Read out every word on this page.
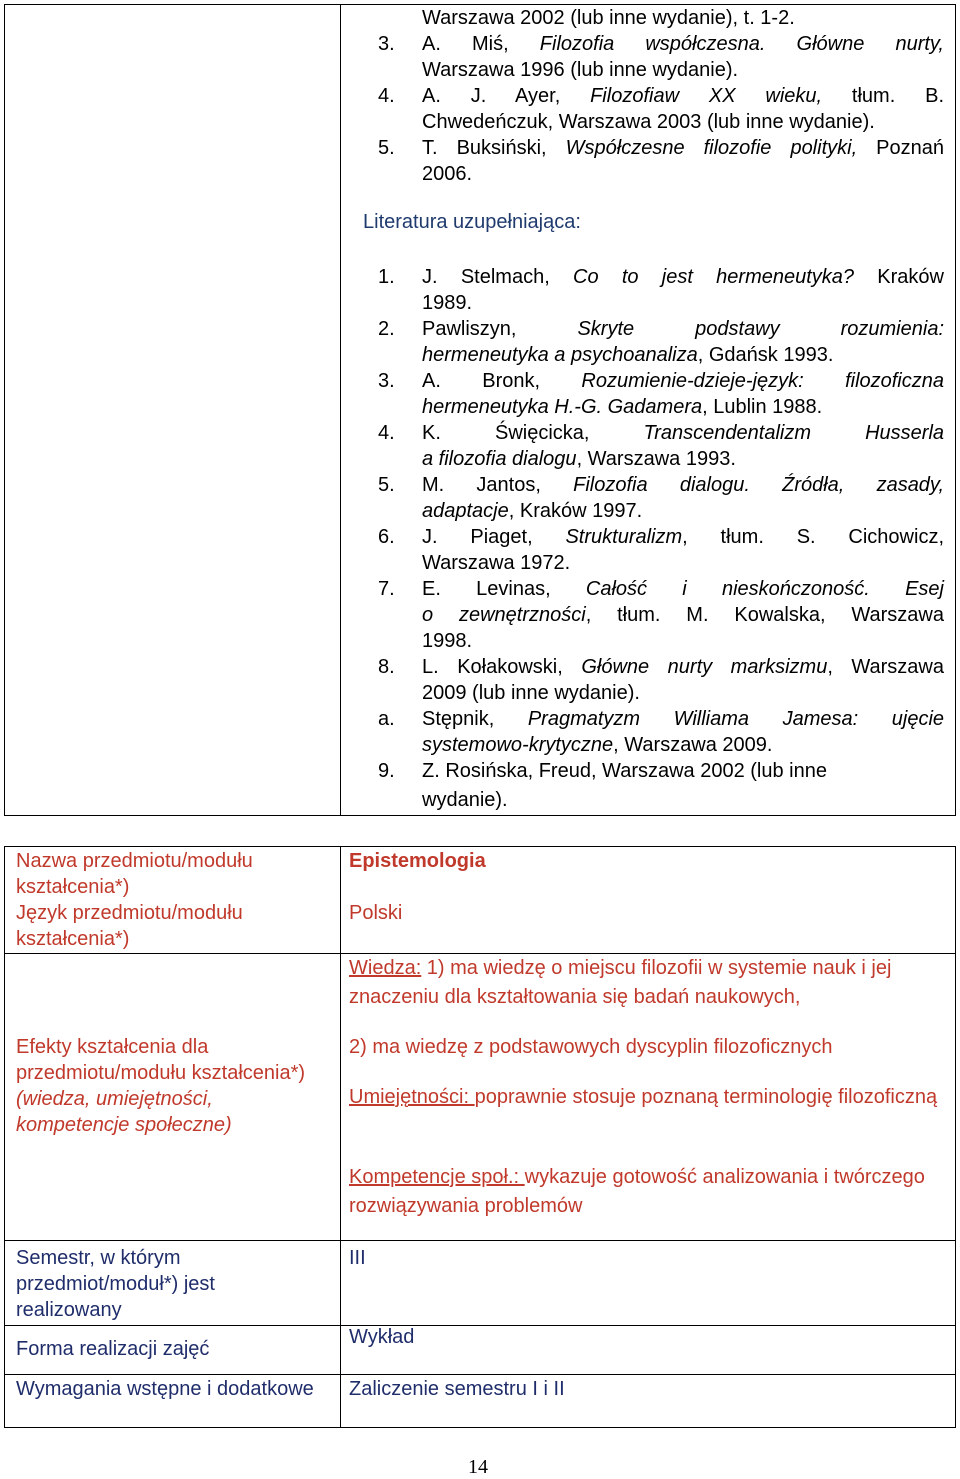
Warszawa 2002 (lub inne wydanie), t. 1-2.
3. A. Miś, Filozofia współczesna. Główne nurty,
Warszawa 1996 (lub inne wydanie).
4. A. J. Ayer, Filozofiaw XX wieku, tłum. B.
Chwedeńczuk, Warszawa 2003 (lub inne wydanie).
5. T. Buksiński, Współczesne filozofie polityki, Poznań
2006.
Literatura uzupełniająca:
1. J. Stelmach, Co to jest hermeneutyka? Kraków
1989.
2. Pawliszyn, Skryte podstawy rozumienia:
hermeneutyka a psychoanaliza, Gdańsk 1993.
3. A. Bronk, Rozumienie-dzieje-język: filozoficzna
hermeneutyka H.-G. Gadamera, Lublin 1988.
4. K. Święcicka, Transcendentalizm Husserla
a filozofia dialogu, Warszawa 1993.
5. M. Jantos, Filozofia dialogu. Źródła, zasady,
adaptacje, Kraków 1997.
6. J. Piaget, Strukturalizm, tłum. S. Cichowicz,
Warszawa 1972.
7. E. Levinas, Całość i nieskończoność. Esej
o zewnętrzności, tłum. M. Kowalska, Warszawa
1998.
8. L. Kołakowski, Główne nurty marksizmu, Warszawa
2009 (lub inne wydanie).
a. Stępnik, Pragmatyzm Williama Jamesa: ujęcie
systemowo-krytyczne, Warszawa 2009.
9. Z. Rosińska, Freud, Warszawa 2002 (lub inne
wydanie).
Nazwa przedmiotu/modułu kształcenia*)
Język przedmiotu/modułu kształcenia*)
Efekty kształcenia dla przedmiotu/modułu kształcenia*)
(wiedza, umiejętności, kompetencje społeczne)
Semestr, w którym przedmiot/moduł*) jest realizowany
Forma realizacji zajęć
Wymagania wstępne i dodatkowe
Epistemologia
Polski
Wiedza: 1) ma wiedzę o miejscu filozofii w systemie nauk i jej znaczeniu dla kształtowania się badań naukowych,
2) ma wiedzę z podstawowych dyscyplin filozoficznych
Umiejętności: poprawnie stosuje poznaną terminologię filozoficzną
Kompetencje społ.: wykazuje gotowość analizowania i twórczego rozwiązywania problemów
III
Wykład
Zaliczenie semestru I i II
14
